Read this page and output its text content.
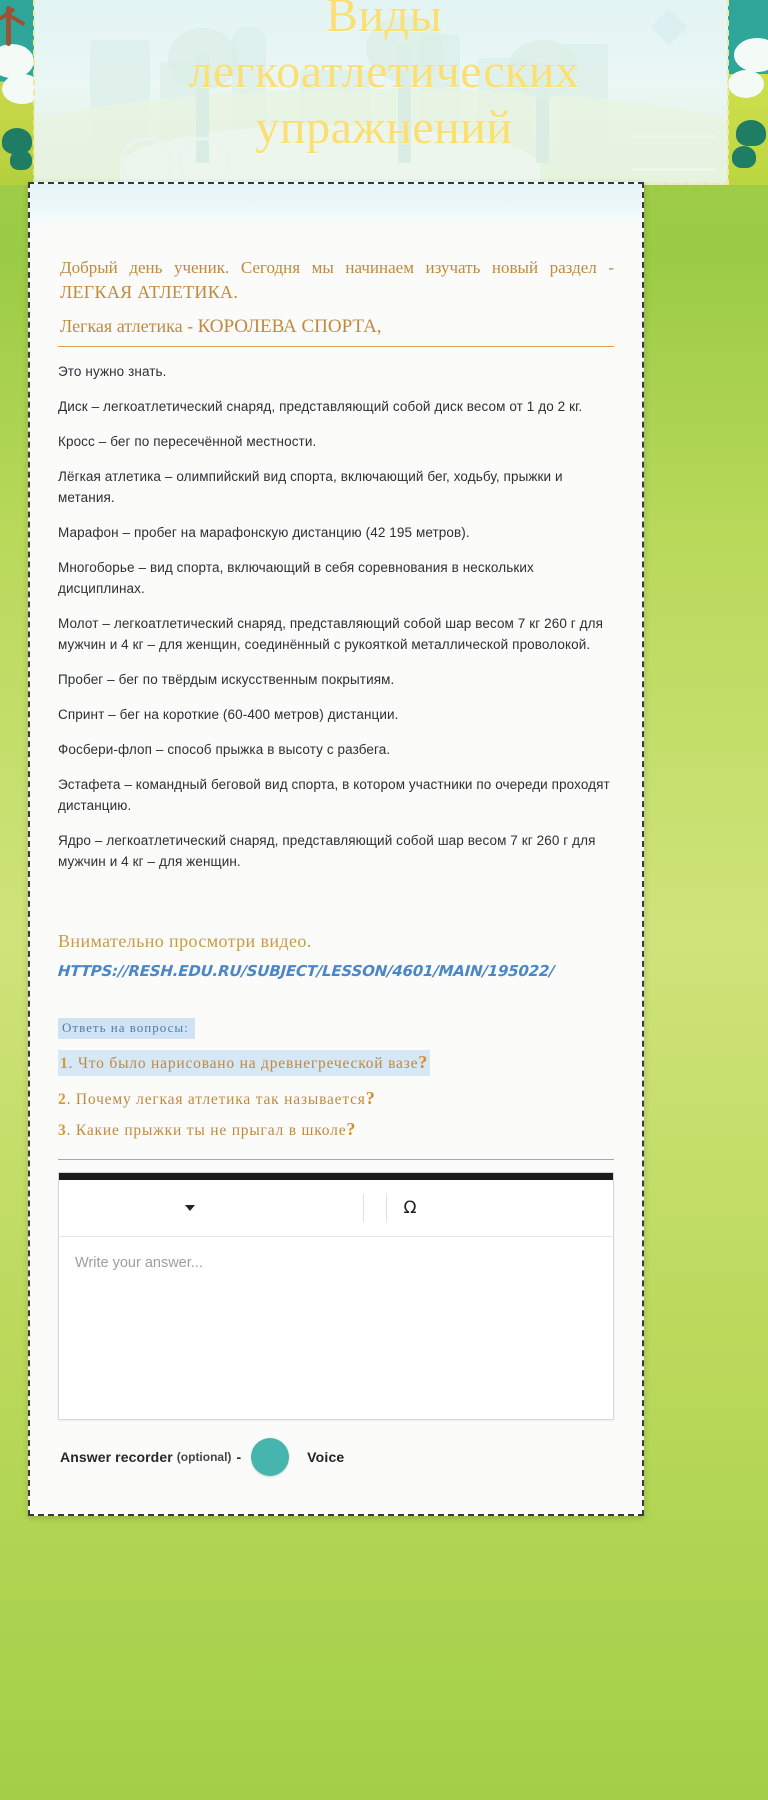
Виды
легкоатлетических
упражнений

Добрый день ученик. Сегодня мы начинаем изучать новый раздел - ЛЕГКАЯ АТЛЕТИКА.

Легкая атлетика - КОРОЛЕВА СПОРТА,

Это нужно знать.

Диск – легкоатлетический снаряд, представляющий собой диск весом от 1 до 2 кг.

Кросс – бег по пересечённой местности.

Лёгкая атлетика – олимпийский вид спорта, включающий бег, ходьбу, прыжки и метания.

Марафон – пробег на марафонскую дистанцию (42 195 метров).

Многоборье – вид спорта, включающий в себя соревнования в нескольких дисциплинах.

Молот – легкоатлетический снаряд, представляющий собой шар весом 7 кг 260 г для мужчин и 4 кг – для женщин, соединённый с рукояткой металлической проволокой.

Пробег – бег по твёрдым искусственным покрытиям.

Спринт – бег на короткие (60-400 метров) дистанции.

Фосбери-флоп – способ прыжка в высоту с разбега.

Эстафета – командный беговой вид спорта, в котором участники по очереди проходят дистанцию.

Ядро – легкоатлетический снаряд, представляющий собой шар весом 7 кг 260 г для мужчин и 4 кг – для женщин.

Внимательно просмотри видео.

HTTPS://RESH.EDU.RU/SUBJECT/LESSON/4601/MAIN/195022/
Ответь на вопросы:
1. Что было нарисовано на древнегреческой вазе?
2. Почему легкая атлетика так называется?
3. Какие прыжки ты не прыгал в школе?
Ω
Write your answer...
Answer recorder (optional) -	Voice
